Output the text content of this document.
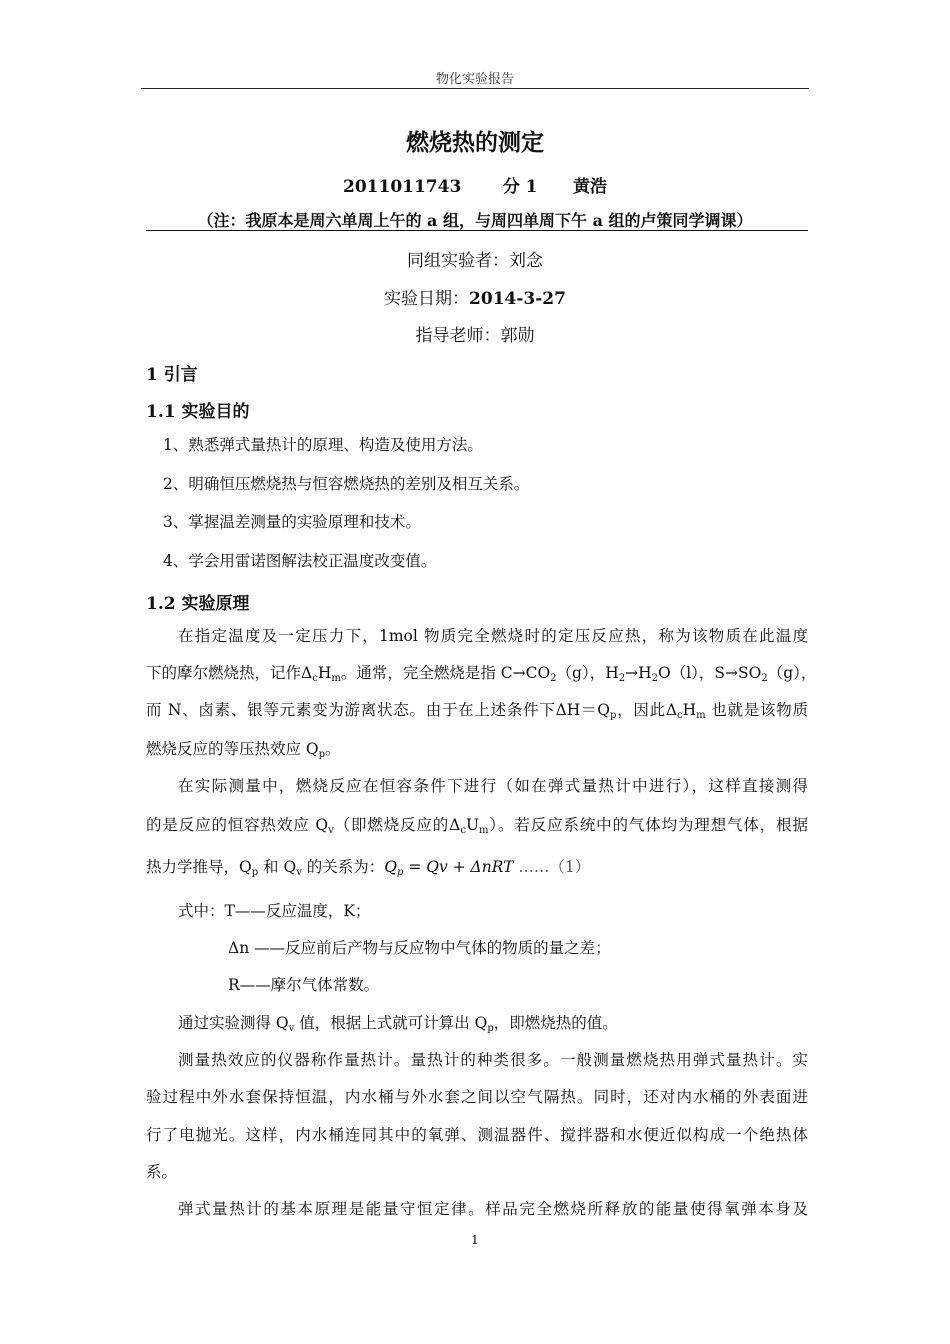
物化实验报告
燃烧热的测定
2011011743 分 1 黄浩
（注：我原本是周六单周上午的 a 组，与周四单周下午 a 组的卢策同学调课）
同组实验者：刘念
实验日期：2014-3-27
指导老师：郭勋
1 引言
1.1 实验目的
1、熟悉弹式量热计的原理、构造及使用方法。
2、明确恒压燃烧热与恒容燃烧热的差别及相互关系。
3、掌握温差测量的实验原理和技术。
4、学会用雷诺图解法校正温度改变值。
1.2 实验原理
在指定温度及一定压力下，1mol 物质完全燃烧时的定压反应热，称为该物质在此温度
下的摩尔燃烧热，记作$\Delta_cH_m$。通常，完全燃烧是指 $C\to CO_2(g)$，$H_2\to H_2O(l)$，$S\to SO_2(g)$，
而 N、卤素、银等元素变为游离状态。由于在上述条件下$\Delta H=Q_p$，因此$\Delta_cH_m$ 也就是该物质
燃烧反应的等压热效应 $Q_p$。
在实际测量中，燃烧反应在恒容条件下进行（如在弹式量热计中进行），这样直接测得
的是反应的恒容热效应 $Q_v$（即燃烧反应的$\Delta_cU_m$）。若反应系统中的气体均为理想气体，根据
热力学推导，$Q_p$ 和 $Q_v$ 的关系为：$Q_p = Qv + \Delta nRT$ ……（1）
式中：T——反应温度，K；
Δn ——反应前后产物与反应物中气体的物质的量之差；
R——摩尔气体常数。
通过实验测得 $Q_v$ 值，根据上式就可计算出 $Q_p$，即燃烧热的值。
测量热效应的仪器称作量热计。量热计的种类很多。一般测量燃烧热用弹式量热计。实
验过程中外水套保持恒温，内水桶与外水套之间以空气隔热。同时，还对内水桶的外表面进
行了电抛光。这样，内水桶连同其中的氧弹、测温器件、搅拌器和水便近似构成一个绝热体
系。
弹式量热计的基本原理是能量守恒定律。样品完全燃烧所释放的能量使得氧弹本身及
1
